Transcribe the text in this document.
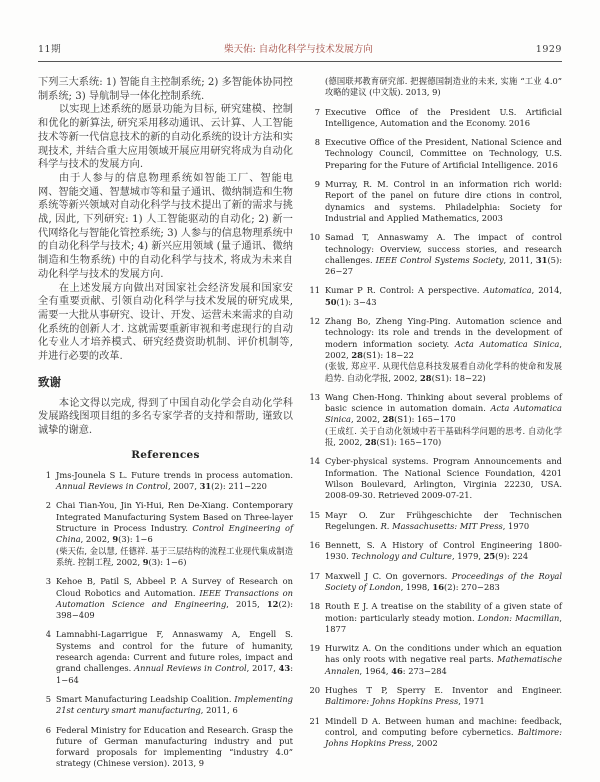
11期	柴天佑: 自动化科学与技术发展方向	1929

下列三大系统: 1) 智能自主控制系统; 2) 多智能体协同控制系统; 3) 导航制导一体化控制系统.

以实现上述系统的愿景功能为目标, 研究建模、控制和优化的新算法, 研究采用移动通讯、云计算、人工智能技术等新一代信息技术的新的自动化系统的设计方法和实现技术, 并结合重大应用领域开展应用研究将成为自动化科学与技术的发展方向.

由于人参与的信息物理系统如智能工厂、智能电网、智能交通、智慧城市等和量子通讯、微纳制造和生物系统等新兴领域对自动化科学与技术提出了新的需求与挑战, 因此, 下列研究: 1) 人工智能驱动的自动化; 2) 新一代网络化与智能化管控系统; 3) 人参与的信息物理系统中的自动化科学与技术; 4) 新兴应用领域 (量子通讯、微纳制造和生物系统) 中的自动化科学与技术, 将成为未来自动化科学与技术的发展方向.

在上述发展方向做出对国家社会经济发展和国家安全有重要贡献、引领自动化科学与技术发展的研究成果, 需要一大批从事研究、设计、开发、运营未来需求的自动化系统的创新人才. 这就需要重新审视和考虑现行的自动化专业人才培养模式、研究经费资助机制、评价机制等, 并进行必要的改革.

致谢

本论文得以完成, 得到了中国自动化学会自动化学科发展路线图项目组的多名专家学者的支持和帮助, 谨致以诚挚的谢意.

References
1 Jms-Jounela S L. Future trends in process automation. Annual Reviews in Control, 2007, 31(2): 211−220
2 Chai Tian-You, Jin Yi-Hui, Ren De-Xiang. Contemporary Integrated Manufacturing System Based on Three-layer Structure in Process Industry. Control Engineering of China, 2002, 9(3): 1−6
(柴天佑, 金以慧, 任德祥. 基于三层结构的流程工业现代集成制造系统. 控制工程, 2002, 9(3): 1−6)
3 Kehoe B, Patil S, Abbeel P. A Survey of Research on Cloud Robotics and Automation. IEEE Transactions on Automation Science and Engineering, 2015, 12(2): 398−409
4 Lamnabhi-Lagarrigue F, Annaswamy A, Engell S. Systems and control for the future of humanity, research agenda: Current and future roles, impact and grand challenges. Annual Reviews in Control, 2017, 43: 1−64
5 Smart Manufacturing Leadship Coalition. Implementing 21st century smart manufacturing, 2011, 6
6 Federal Ministry for Education and Research. Grasp the future of German manufacturing industry and put forward proposals for implementing “industry 4.0” strategy (Chinese version). 2013, 9

(德国联邦教育研究部. 把握德国制造业的未来, 实施 “工业 4.0” 攻略的建议 (中文版). 2013, 9)

7 Executive Office of the President U.S. Artificial Intelligence, Automation and the Economy. 2016
8 Executive Office of the President, National Science and Technology Council, Committee on Technology, U.S. Preparing for the Future of Artificial Intelligence. 2016
9 Murray, R. M. Control in an information rich world: Report of the panel on future dire ctions in control, dynamics and systems. Philadelphia: Society for Industrial and Applied Mathematics, 2003
10 Samad T, Annaswamy A. The impact of control technology: Overview, success stories, and research challenges. IEEE Control Systems Society, 2011, 31(5): 26−27
11 Kumar P R. Control: A perspective. Automatica, 2014, 50(1): 3−43
12 Zhang Bo, Zheng Ying-Ping. Automation science and technology: its role and trends in the development of modern information society. Acta Automatica Sinica, 2002, 28(S1): 18−22
(张钹, 郑应平. 从现代信息科技发展看自动化学科的使命和发展趋势. 自动化学报, 2002, 28(S1): 18−22)
13 Wang Chen-Hong. Thinking about several problems of basic science in automation domain. Acta Automatica Sinica, 2002, 28(S1): 165−170
(王成红. 关于自动化领域中若干基础科学问题的思考. 自动化学报, 2002, 28(S1): 165−170)
14 Cyber-physical systems. Program Announcements and Information. The National Science Foundation, 4201 Wilson Boulevard, Arlington, Virginia 22230, USA. 2008-09-30. Retrieved 2009-07-21.
15 Mayr O. Zur Frühgeschichte der Technischen Regelungen. R. Massachusetts: MIT Press, 1970
16 Bennett, S. A History of Control Engineering 1800-1930. Technology and Culture, 1979, 25(9): 224
17 Maxwell J C. On governors. Proceedings of the Royal Society of London, 1998, 16(2): 270−283
18 Routh E J. A treatise on the stability of a given state of motion: particularly steady motion. London: Macmillan, 1877
19 Hurwitz A. On the conditions under which an equation has only roots with negative real parts. Mathematische Annalen, 1964, 46: 273−284
20 Hughes T P, Sperry E. Inventor and Engineer. Baltimore: Johns Hopkins Press, 1971
21 Mindell D A. Between human and machine: feedback, control, and computing before cybernetics. Baltimore: Johns Hopkins Press, 2002
